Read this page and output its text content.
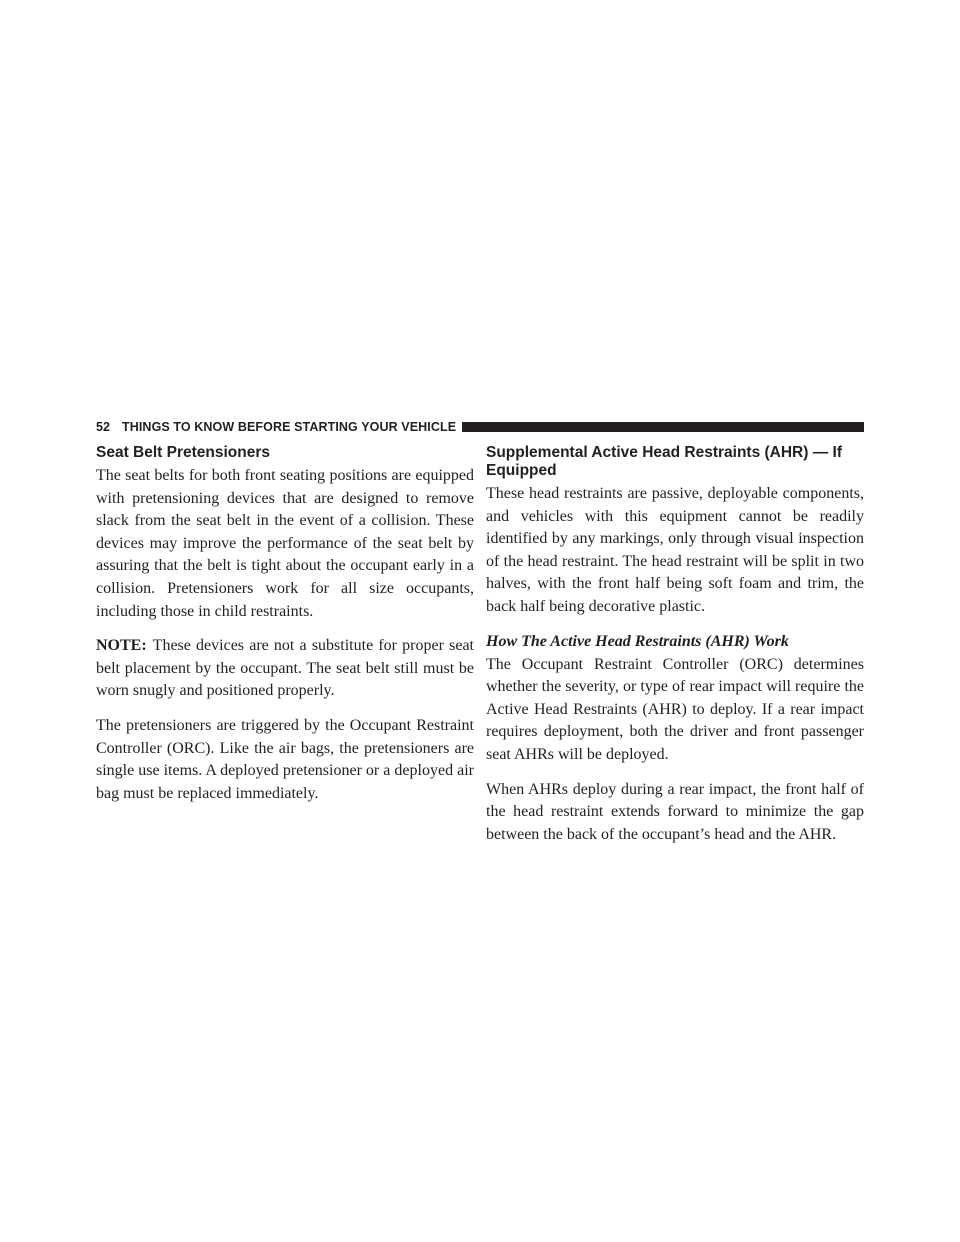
52 THINGS TO KNOW BEFORE STARTING YOUR VEHICLE
Seat Belt Pretensioners

The seat belts for both front seating positions are equipped with pretensioning devices that are designed to remove slack from the seat belt in the event of a collision. These devices may improve the performance of the seat belt by assuring that the belt is tight about the occupant early in a collision. Pretensioners work for all size occupants, including those in child restraints.

NOTE: These devices are not a substitute for proper seat belt placement by the occupant. The seat belt still must be worn snugly and positioned properly.

The pretensioners are triggered by the Occupant Restraint Controller (ORC). Like the air bags, the pretensioners are single use items. A deployed pretensioner or a deployed air bag must be replaced immediately.

Supplemental Active Head Restraints (AHR) — If Equipped

These head restraints are passive, deployable components, and vehicles with this equipment cannot be readily identified by any markings, only through visual inspection of the head restraint. The head restraint will be split in two halves, with the front half being soft foam and trim, the back half being decorative plastic.

How The Active Head Restraints (AHR) Work

The Occupant Restraint Controller (ORC) determines whether the severity, or type of rear impact will require the Active Head Restraints (AHR) to deploy. If a rear impact requires deployment, both the driver and front passenger seat AHRs will be deployed.

When AHRs deploy during a rear impact, the front half of the head restraint extends forward to minimize the gap between the back of the occupant’s head and the AHR.
